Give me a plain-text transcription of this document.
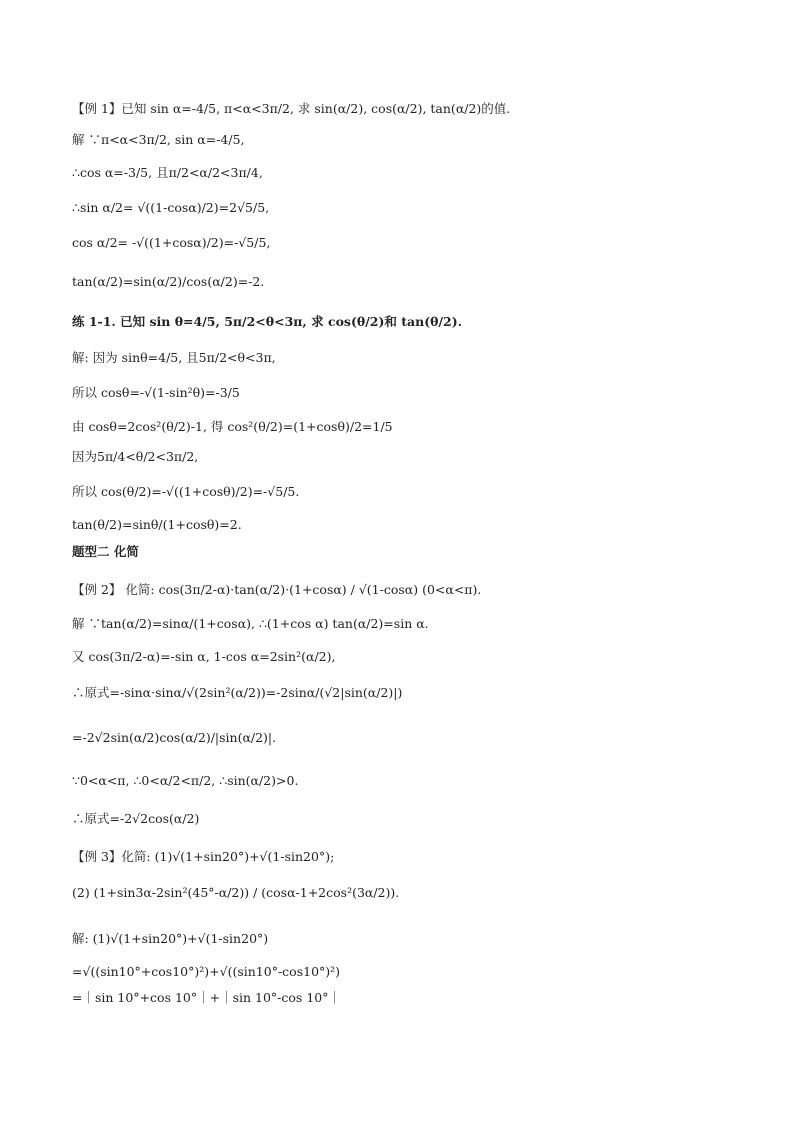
【例 1】已知 sin α=-4/5, π<α<3π/2, 求 sin(α/2), cos(α/2), tan(α/2)的值.
解 ∵π<α<3π/2, sin α=-4/5,
∴cos α=-3/5, 且π/2<α/2<3π/4,
∴sin α/2= √((1-cosα)/2)=2√5/5,
cos α/2= -√((1+cosα)/2)=-√5/5,
tan(α/2)=sin(α/2)/cos(α/2)=-2.
练 1-1. 已知 sin θ=4/5, 5π/2<θ<3π, 求 cos(θ/2)和 tan(θ/2).
解: 因为 sinθ=4/5, 且5π/2<θ<3π,
所以 cosθ=-√(1-sin²θ)=-3/5
由 cosθ=2cos²(θ/2)-1, 得 cos²(θ/2)=(1+cosθ)/2=1/5
因为5π/4<θ/2<3π/2,
所以 cos(θ/2)=-√((1+cosθ)/2)=-√5/5.
tan(θ/2)=sinθ/(1+cosθ)=2.
题型二 化简
【例 2】 化简: cos(3π/2-α)·tan(α/2)·(1+cosα) / √(1-cosα) (0<α<π).
解 ∵tan(α/2)=sinα/(1+cosα), ∴(1+cos α) tan(α/2)=sin α.
又 cos(3π/2-α)=-sin α, 1-cos α=2sin²(α/2),
∴原式=-sinα·sinα/√(2sin²(α/2))=-2sinα/(√2|sin(α/2)|)
=-2√2sin(α/2)cos(α/2)/|sin(α/2)|.
∵0<α<π, ∴0<α/2<π/2, ∴sin(α/2)>0.
∴原式=-2√2cos(α/2)
【例 3】化简: (1)√(1+sin20°)+√(1-sin20°);
(2) (1+sin3α-2sin²(45°-α/2)) / (cosα-1+2cos²(3α/2)).
解: (1)√(1+sin20°)+√(1-sin20°)
=√((sin10°+cos10°)²)+√((sin10°-cos10°)²)
=｜sin 10°+cos 10°｜+｜sin 10°-cos 10°｜
